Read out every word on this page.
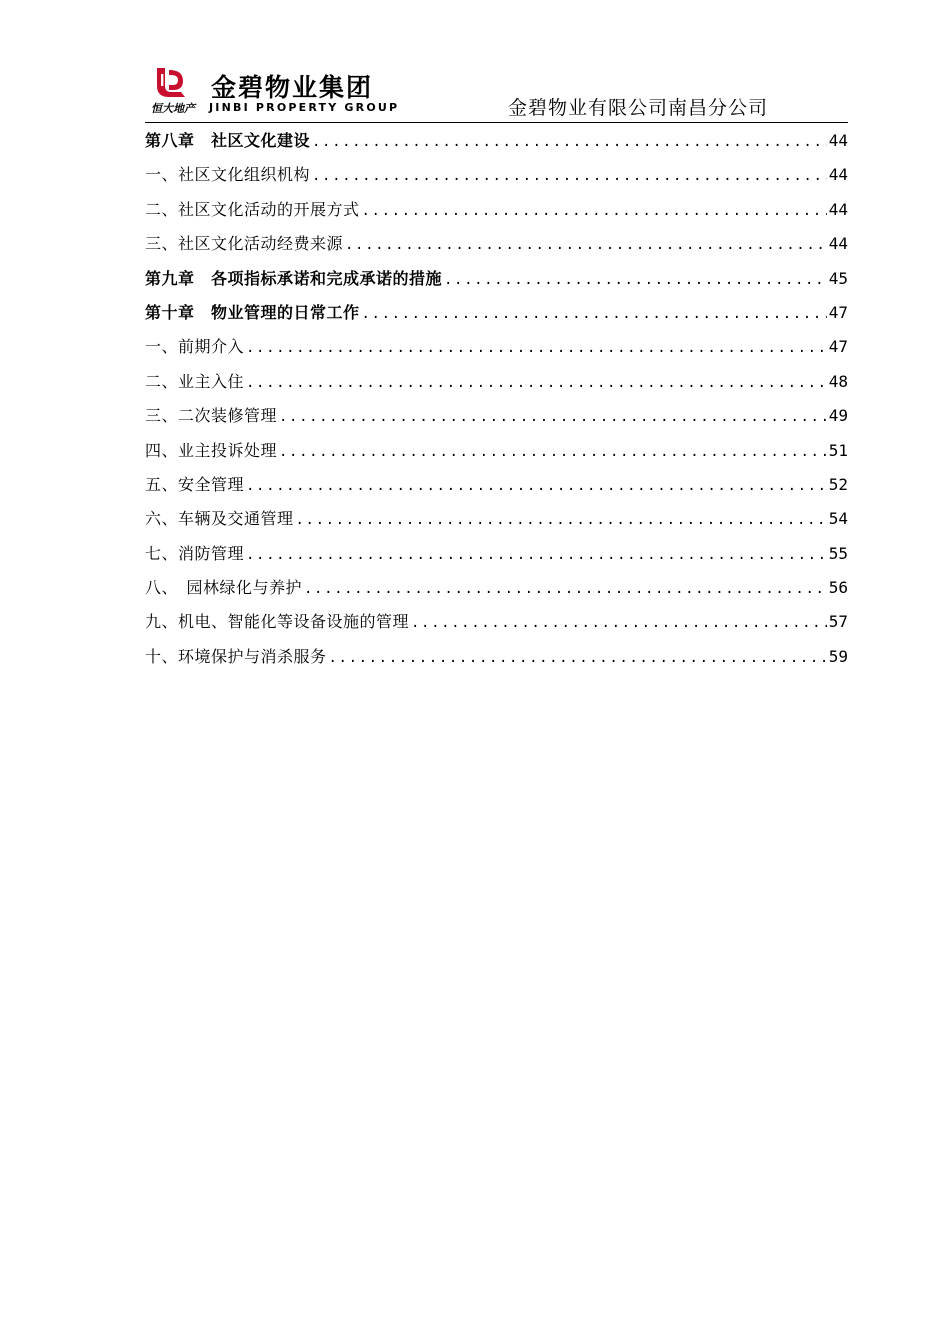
恒大地产
金碧物业集团
JINBI PROPERTY GROUP	金碧物业有限公司南昌分公司
第八章　社区文化建设 .....	44
一、社区文化组织机构 .....	44
二、社区文化活动的开展方式 .....	44
三、社区文化活动经费来源 .....	44
第九章　各项指标承诺和完成承诺的措施 .....	45
第十章　物业管理的日常工作 .....	47
一、前期介入 .....	47
二、业主入住 .....	48
三、二次装修管理 .....	49
四、业主投诉处理 .....	51
五、安全管理 .....	52
六、车辆及交通管理 .....	54
七、消防管理 .....	55
八、　园林绿化与养护 .....	56
九、机电、智能化等设备设施的管理 .....	57
十、环境保护与消杀服务 .....	59
